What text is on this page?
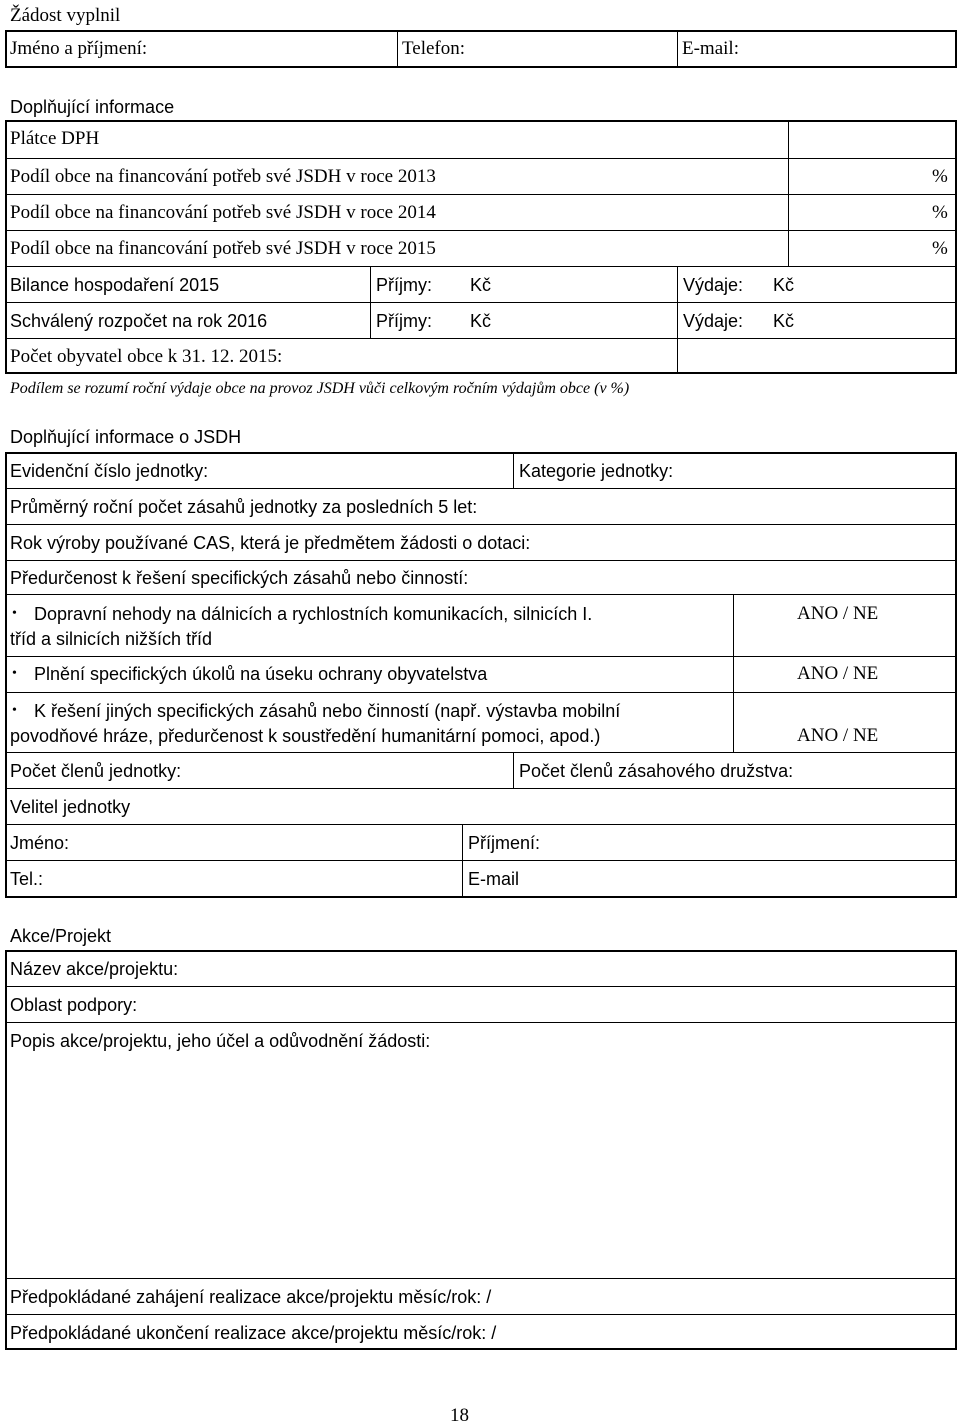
Žádost vyplnil
Jméno a příjmení:	Telefon:	E-mail:
Doplňující informace
Plátce DPH
Podíl obce na financování potřeb své JSDH v roce 2013	%
Podíl obce na financování potřeb své JSDH v roce 2014	%
Podíl obce na financování potřeb své JSDH v roce 2015	%
Bilance hospodaření 2015	Příjmy: Kč	Výdaje: Kč
Schválený rozpočet na rok 2016	Příjmy: Kč	Výdaje: Kč
Počet obyvatel obce k 31. 12. 2015:
Podílem se rozumí roční výdaje obce na provoz JSDH vůči celkovým ročním výdajům obce (v %)
Doplňující informace o JSDH
Evidenční číslo jednotky:	Kategorie jednotky:
Průměrný roční počet zásahů jednotky za posledních 5 let:
Rok výroby používané CAS, která je předmětem žádosti o dotaci:
Předurčenost k řešení specifických zásahů nebo činností:
• Dopravní nehody na dálnicích a rychlostních komunikacích, silnicích I.
tříd a silnicích nižších tříd
ANO / NE
• Plnění specifických úkolů na úseku ochrany obyvatelstva	ANO / NE
• K řešení jiných specifických zásahů nebo činností (např. výstavba mobilní
povodňové hráze, předurčenost k soustředění humanitární pomoci, apod.)	ANO / NE
Počet členů jednotky:	Počet členů zásahového družstva:
Velitel jednotky
Jméno:	Příjmení:
Tel.:	E-mail
Akce/Projekt
Název akce/projektu:
Oblast podpory:
Popis akce/projektu, jeho účel a odůvodnění žádosti:
Předpokládané zahájení realizace akce/projektu měsíc/rok: /
Předpokládané ukončení realizace akce/projektu měsíc/rok: /
18
